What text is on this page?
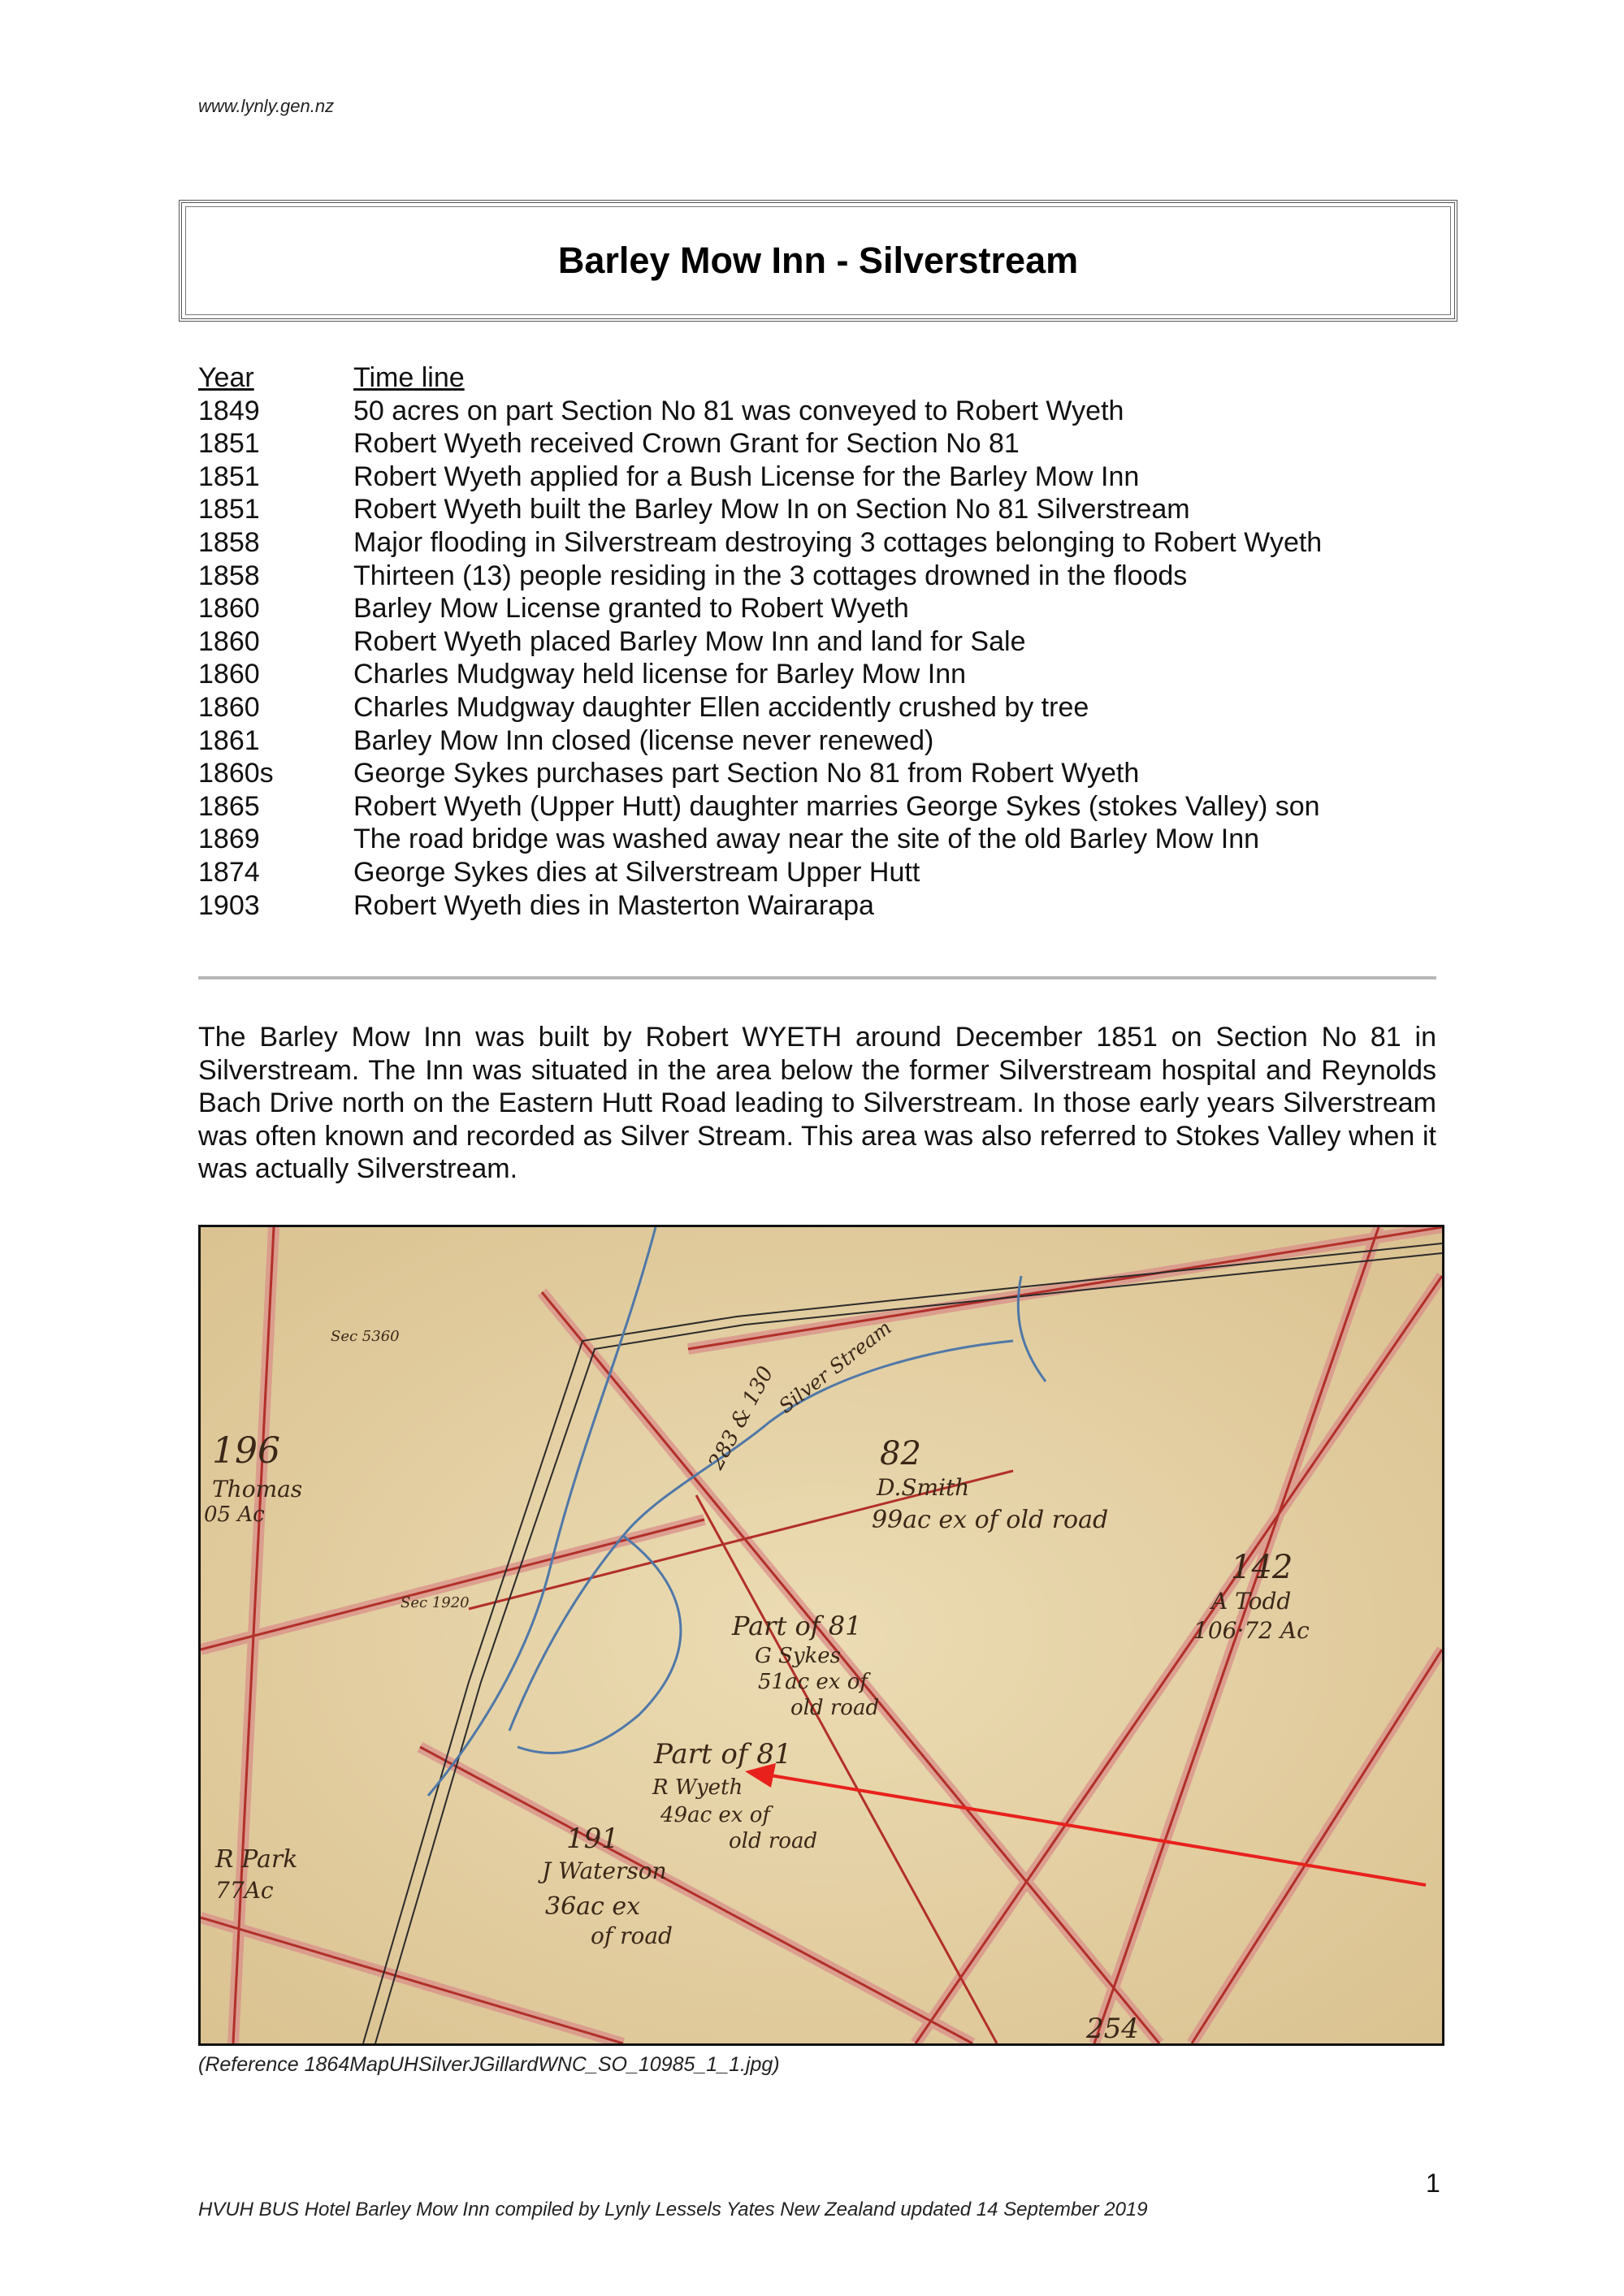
www.lynly.gen.nz
Barley Mow Inn - Silverstream
Year	Time line
1849	50 acres on part Section No 81 was conveyed to Robert Wyeth
1851	Robert Wyeth received Crown Grant for Section No 81
1851	Robert Wyeth applied for a Bush License for the Barley Mow Inn
1851	Robert Wyeth built the Barley Mow In on Section No 81 Silverstream
1858	Major flooding in Silverstream destroying 3 cottages belonging to Robert Wyeth
1858	Thirteen (13) people residing in the 3 cottages drowned in the floods
1860	Barley Mow License granted to Robert Wyeth
1860	Robert Wyeth placed Barley Mow Inn and land for Sale
1860	Charles Mudgway held license for Barley Mow Inn
1860	Charles Mudgway daughter Ellen accidently crushed by tree
1861	Barley Mow Inn closed (license never renewed)
1860s	George Sykes purchases part Section No 81 from Robert Wyeth
1865	Robert Wyeth (Upper Hutt) daughter marries George Sykes (stokes Valley) son
1869	The road bridge was washed away near the site of the old Barley Mow Inn
1874	George Sykes dies at Silverstream Upper Hutt
1903	Robert Wyeth dies in Masterton Wairarapa

The Barley Mow Inn was built by Robert WYETH around December 1851 on Section No 81 in Silverstream. The Inn was situated in the area below the former Silverstream hospital and Reynolds Bach Drive north on the Eastern Hutt Road leading to Silverstream. In those early years Silverstream was often known and recorded as Silver Stream. This area was also referred to Stokes Valley when it was actually Silverstream.

196
Thomas
05 Ac
82
D.Smith
99ac ex of old road
142
A Todd
106·72 Ac
Part of 81
G Sykes
51ac ex of
old road
Part of 81
R Wyeth
49ac ex of
old road
191
J Waterson
36ac ex
of road
R Park
77Ac
254
Silver Stream
283 & 130
Sec 5360
Sec 1920
(Reference 1864MapUHSilverJGillardWNC_SO_10985_1_1.jpg)
1
HVUH BUS Hotel Barley Mow Inn compiled by Lynly Lessels Yates New Zealand updated 14 September 2019
